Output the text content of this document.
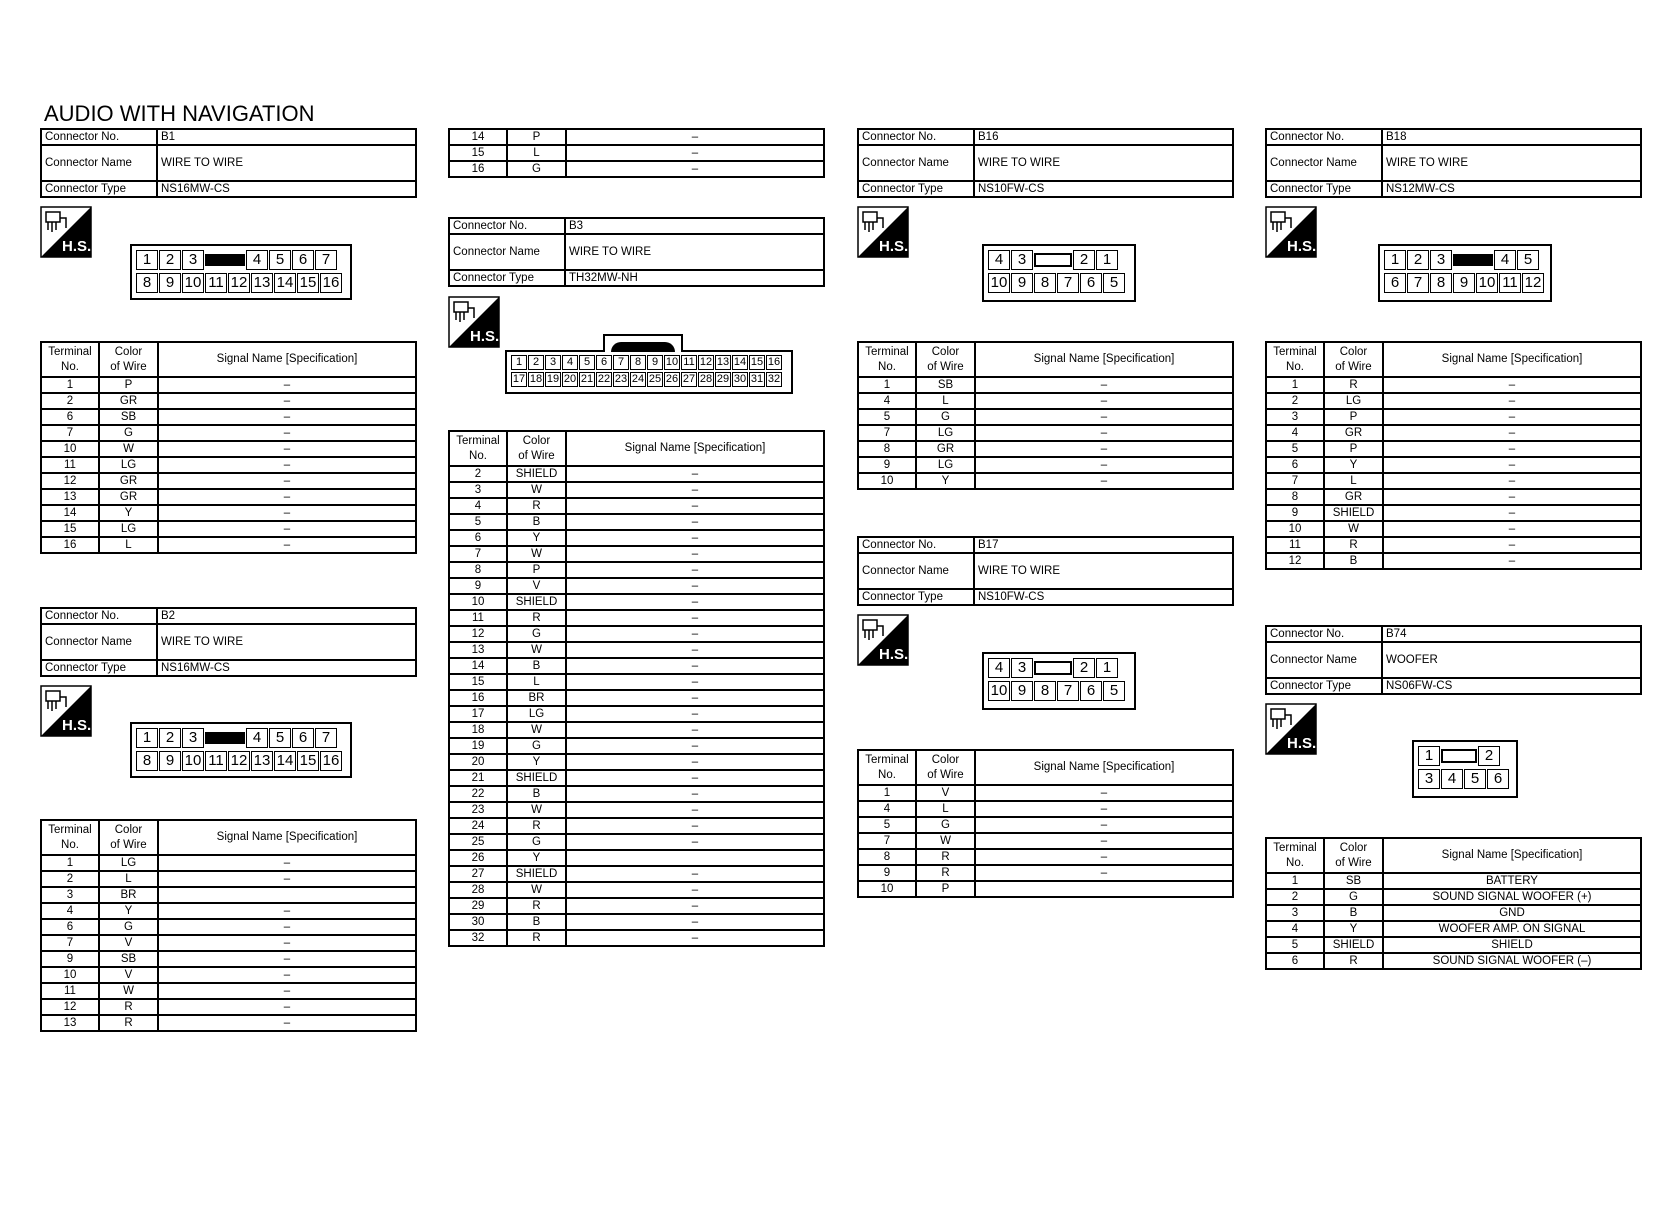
AUDIO WITH NAVIGATION
Connector No.	B1
Connector Name	WIRE TO WIRE
Connector Type	NS16MW-CS
H.S.
1 2 3	4 5 6 7
8 9 10 11 12 13 14 15 16
Terminal
No.	Color
of Wire	Signal Name [Specification]
1	P	–
2	GR	–
6	SB	–
7	G	–
10	W	–
11	LG	–
12	GR	–
13	GR	–
14	Y	–
15	LG	–
16	L	–
Connector No.	B2
Connector Name	WIRE TO WIRE
Connector Type	NS16MW-CS
H.S.
1 2 3	4 5 6 7
8 9 10 11 12 13 14 15 16
Terminal
No.	Color
of Wire	Signal Name [Specification]
1	LG	–
2	L	–
3	BR	
4	Y	–
6	G	–
7	V	–
9	SB	–
10	V	–
11	W	–
12	R	–
13	R	–
14	P	–
15	L	–
16	G	–
Connector No.	B3
Connector Name	WIRE TO WIRE
Connector Type	TH32MW-NH
H.S.
1 2 3 4 5 6 7 8 9 10 11 12 13 14 15 16
17 18 19 20 21 22 23 24 25 26 27 28 29 30 31 32
Terminal
No.	Color
of Wire	Signal Name [Specification]
2	SHIELD	–
3	W	–
4	R	–
5	B	–
6	Y	–
7	W	–
8	P	–
9	V	–
10	SHIELD	–
11	R	–
12	G	–
13	W	–
14	B	–
15	L	–
16	BR	–
17	LG	–
18	W	–
19	G	–
20	Y	–
21	SHIELD	–
22	B	–
23	W	–
24	R	–
25	G	–
26	Y	
27	SHIELD	–
28	W	–
29	R	–
30	B	–
32	R	–
Connector No.	B16
Connector Name	WIRE TO WIRE
Connector Type	NS10FW-CS
H.S.
4 3	2 1
10 9 8 7 6 5
Terminal
No.	Color
of Wire	Signal Name [Specification]
1	SB	–
4	L	–
5	G	–
7	LG	–
8	GR	–
9	LG	–
10	Y	–
Connector No.	B17
Connector Name	WIRE TO WIRE
Connector Type	NS10FW-CS
H.S.
4 3	2 1
10 9 8 7 6 5
Terminal
No.	Color
of Wire	Signal Name [Specification]
1	V	–
4	L	–
5	G	–
7	W	–
8	R	–
9	R	–
10	P	
Connector No.	B18
Connector Name	WIRE TO WIRE
Connector Type	NS12MW-CS
H.S.
1 2 3	4 5
6 7 8 9 10 11 12
Terminal
No.	Color
of Wire	Signal Name [Specification]
1	R	–
2	LG	–
3	P	–
4	GR	–
5	P	–
6	Y	–
7	L	–
8	GR	–
9	SHIELD	–
10	W	–
11	R	–
12	B	–
Connector No.	B74
Connector Name	WOOFER
Connector Type	NS06FW-CS
H.S.
1	2
3 4 5 6
Terminal
No.	Color
of Wire	Signal Name [Specification]
1	SB	BATTERY
2	G	SOUND SIGNAL WOOFER (+)
3	B	GND
4	Y	WOOFER AMP. ON SIGNAL
5	SHIELD	SHIELD
6	R	SOUND SIGNAL WOOFER (–)
